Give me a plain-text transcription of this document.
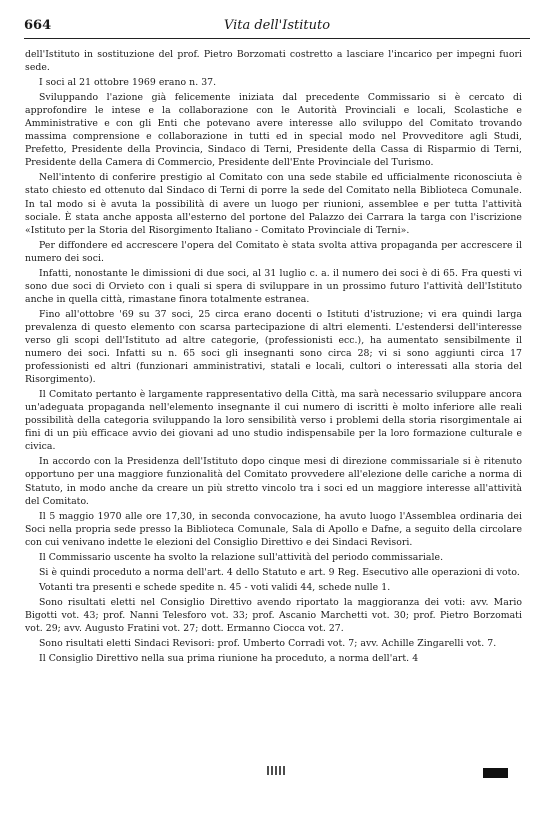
664	Vita dell'Istituto

dell'Istituto in sostituzione del prof. Pietro Borzomati costretto a lasciare l'incarico per impegni fuori sede.

I soci al 21 ottobre 1969 erano n. 37.

Sviluppando l'azione già felicemente iniziata dal precedente Commissario si è cercato di approfondire le intese e la collaborazione con le Autorità Provinciali e locali, Scolastiche e Amministrative e con gli Enti che potevano avere interesse allo sviluppo del Comitato trovando massima comprensione e collaborazione in tutti ed in special modo nel Provveditore agli Studi, Prefetto, Presidente della Provincia, Sindaco di Terni, Presidente della Cassa di Risparmio di Terni, Presidente della Camera di Commercio, Presidente dell'Ente Provinciale del Turismo.

Nell'intento di conferire prestigio al Comitato con una sede stabile ed ufficialmente riconosciuta è stato chiesto ed ottenuto dal Sindaco di Terni di porre la sede del Comitato nella Biblioteca Comunale. In tal modo si è avuta la possibilità di avere un luogo per riunioni, assemblee e per tutta l'attività sociale. È stata anche apposta all'esterno del portone del Palazzo dei Carrara la targa con l'iscrizione «Istituto per la Storia del Risorgimento Italiano - Comitato Provinciale di Terni».

Per diffondere ed accrescere l'opera del Comitato è stata svolta attiva propaganda per accrescere il numero dei soci.

Infatti, nonostante le dimissioni di due soci, al 31 luglio c. a. il numero dei soci è di 65. Fra questi vi sono due soci di Orvieto con i quali si spera di sviluppare in un prossimo futuro l'attività dell'Istituto anche in quella città, rimastane finora totalmente estranea.

Fino all'ottobre '69 su 37 soci, 25 circa erano docenti o Istituti d'istruzione; vi era quindi larga prevalenza di questo elemento con scarsa partecipazione di altri elementi. L'estendersi dell'interesse verso gli scopi dell'Istituto ad altre categorie, (professionisti ecc.), ha aumentato sensibilmente il numero dei soci. Infatti su n. 65 soci gli insegnanti sono circa 28; vi si sono aggiunti circa 17 professionisti ed altri (funzionari amministrativi, statali e locali, cultori o interessati alla storia del Risorgimento).

Il Comitato pertanto è largamente rappresentativo della Città, ma sarà necessario sviluppare ancora un'adeguata propaganda nell'elemento insegnante il cui numero di iscritti è molto inferiore alle reali possibilità della categoria sviluppando la loro sensibilità verso i problemi della storia risorgimentale ai fini di un più efficace avvio dei giovani ad uno studio indispensabile per la loro formazione culturale e civica.

In accordo con la Presidenza dell'Istituto dopo cinque mesi di direzione commissariale si è ritenuto opportuno per una maggiore funzionalità del Comitato provvedere all'elezione delle cariche a norma di Statuto, in modo anche da creare un più stretto vincolo tra i soci ed un maggiore interesse all'attività del Comitato.

Il 5 maggio 1970 alle ore 17,30, in seconda convocazione, ha avuto luogo l'Assemblea ordinaria dei Soci nella propria sede presso la Biblioteca Comunale, Sala di Apollo e Dafne, a seguito della circolare con cui venivano indette le elezioni del Consiglio Direttivo e dei Sindaci Revisori.

Il Commissario uscente ha svolto la relazione sull'attività del periodo commissariale.

Si è quindi proceduto a norma dell'art. 4 dello Statuto e art. 9 Reg. Esecutivo alle operazioni di voto.

Votanti tra presenti e schede spedite n. 45 - voti validi 44, schede nulle 1.

Sono risultati eletti nel Consiglio Direttivo avendo riportato la maggioranza dei voti: avv. Mario Bigotti vot. 43; prof. Nanni Telesforo vot. 33; prof. Ascanio Marchetti vot. 30; prof. Pietro Borzomati vot. 29; avv. Augusto Fratini vot. 27; dott. Ermanno Ciocca vot. 27.

Sono risultati eletti Sindaci Revisori: prof. Umberto Corradi vot. 7; avv. Achille Zingarelli vot. 7.

Il Consiglio Direttivo nella sua prima riunione ha proceduto, a norma dell'art. 4
